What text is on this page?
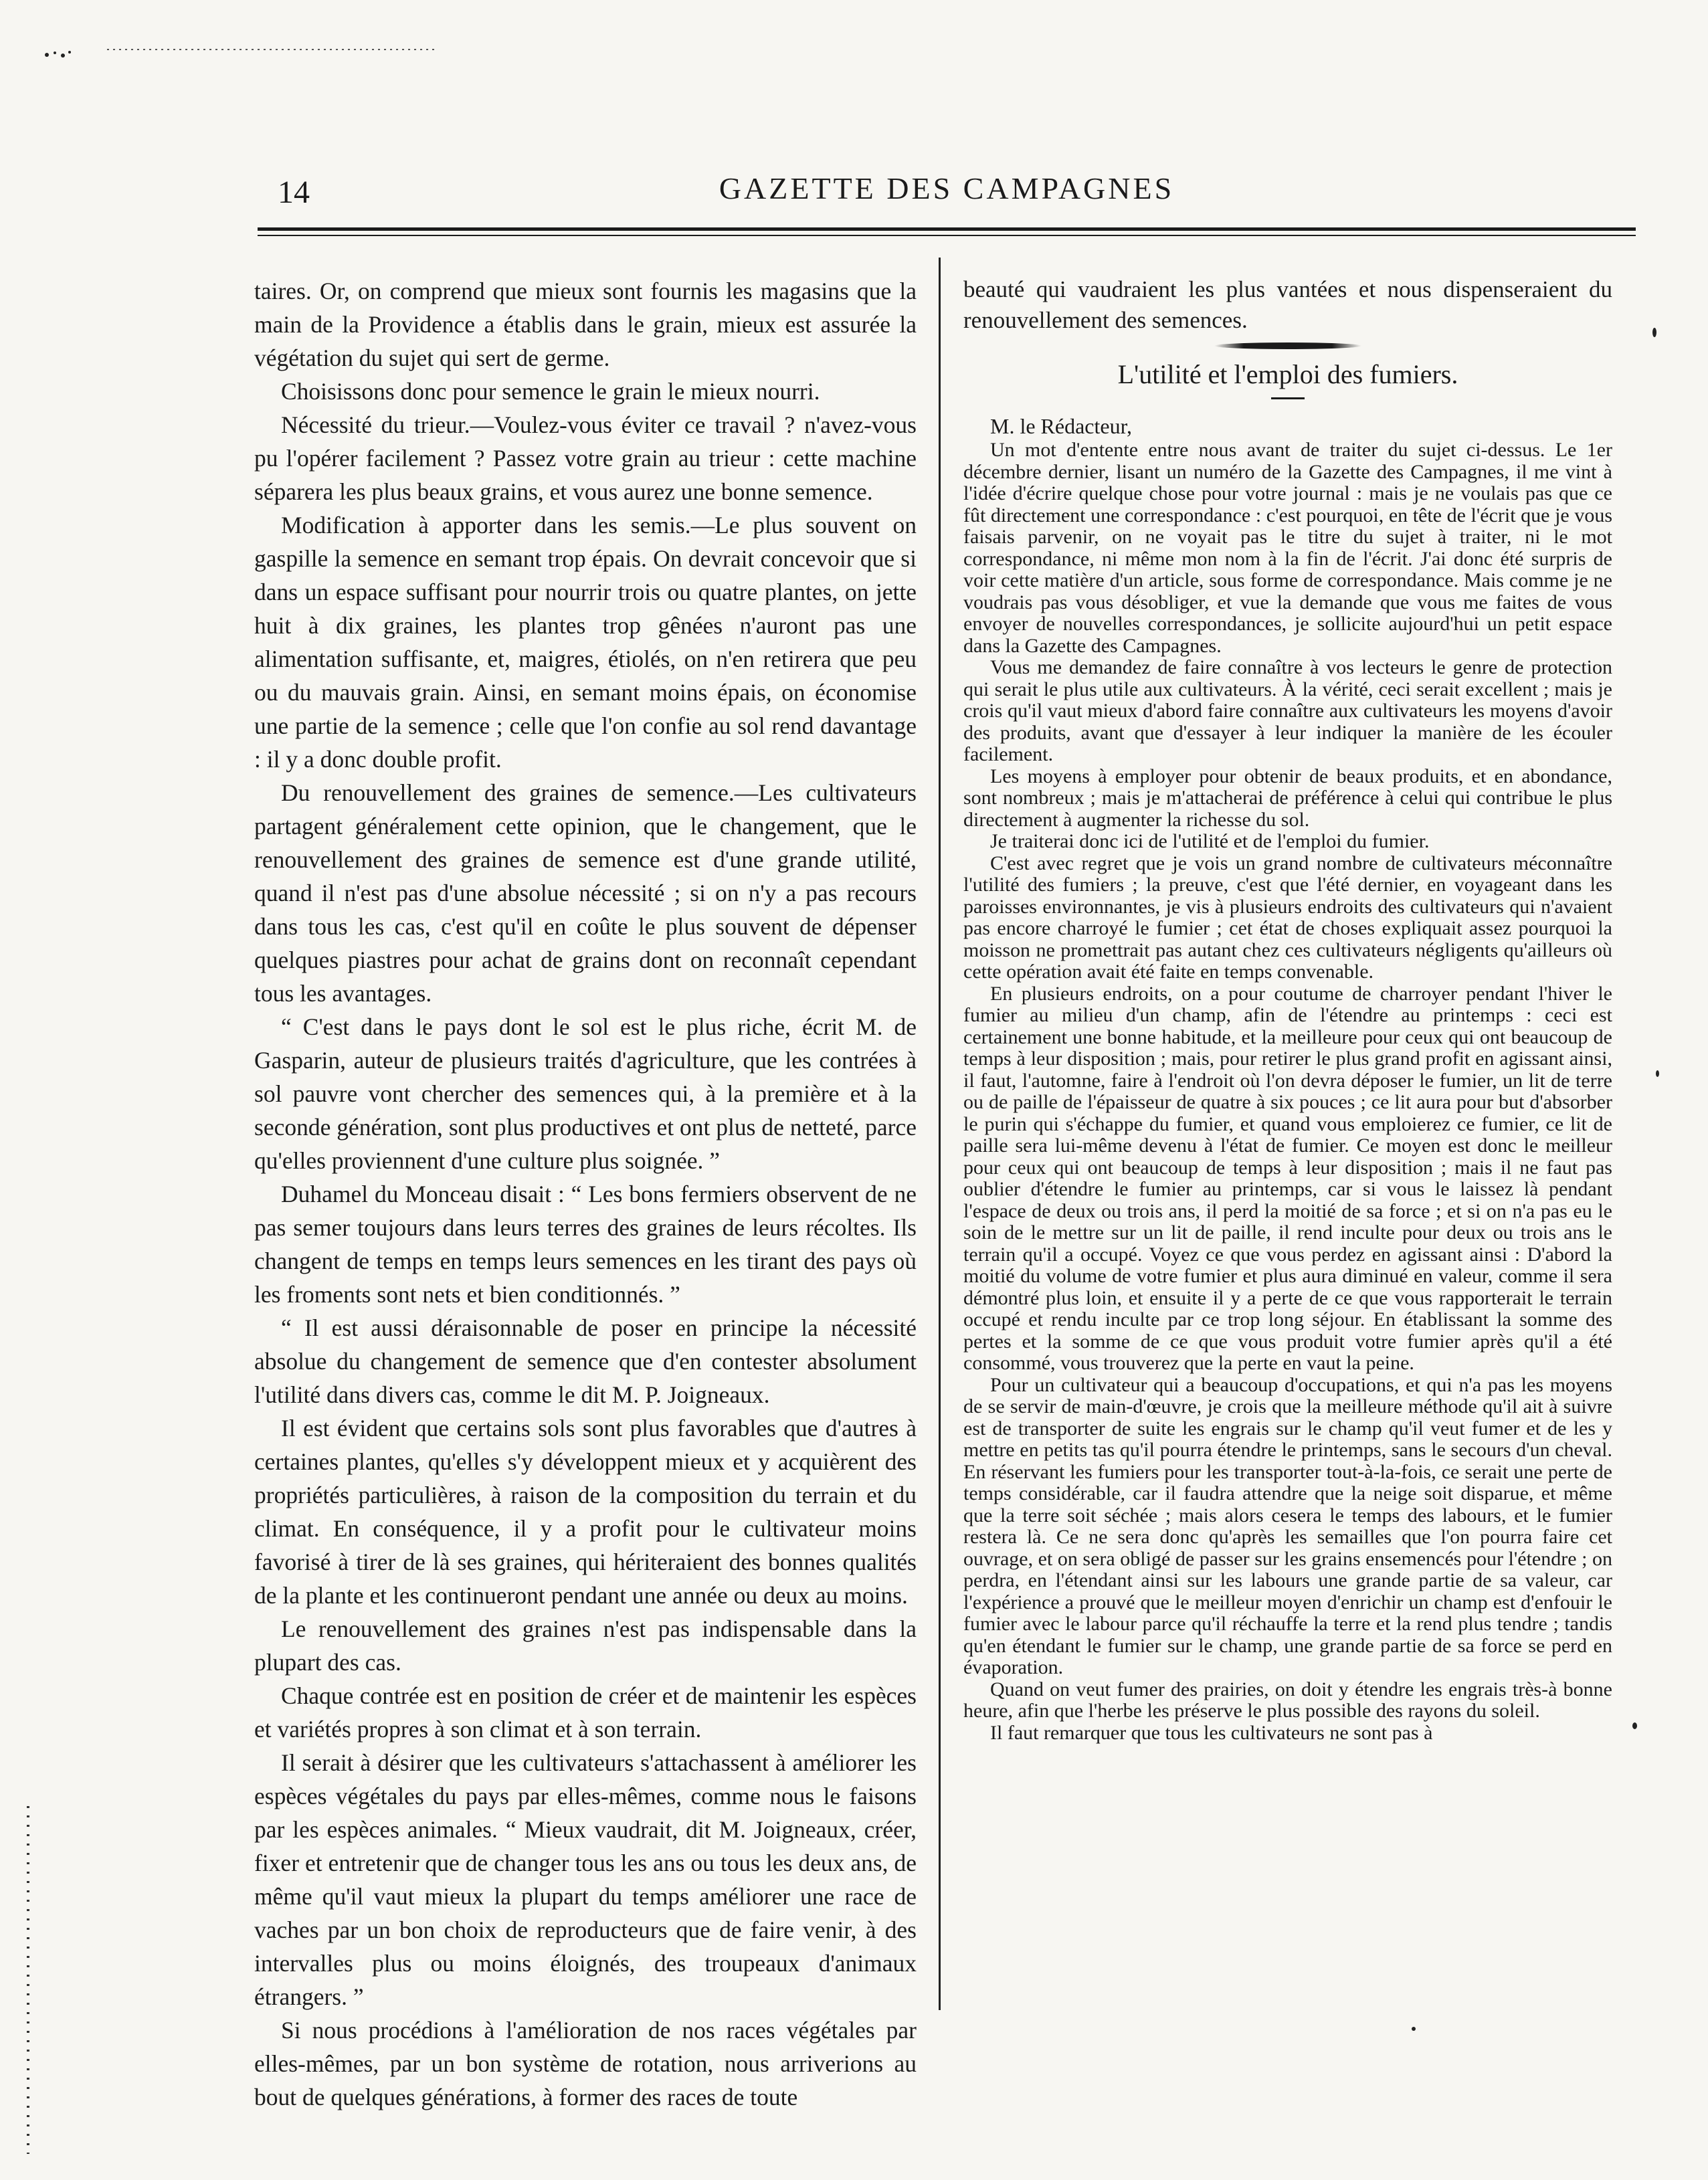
14	GAZETTE DES CAMPAGNES

taires. Or, on comprend que mieux sont fournis les magasins que la main de la Providence a établis dans le grain, mieux est assurée la végétation du sujet qui sert de germe.

Choisissons donc pour semence le grain le mieux nourri.

Nécessité du trieur.—Voulez-vous éviter ce travail ? n'avez-vous pu l'opérer facilement ? Passez votre grain au trieur : cette machine séparera les plus beaux grains, et vous aurez une bonne semence.

Modification à apporter dans les semis.—Le plus souvent on gaspille la semence en semant trop épais. On devrait concevoir que si dans un espace suffisant pour nourrir trois ou quatre plantes, on jette huit à dix graines, les plantes trop gênées n'auront pas une alimentation suffisante, et, maigres, étiolés, on n'en retirera que peu ou du mauvais grain. Ainsi, en semant moins épais, on économise une partie de la semence ; celle que l'on confie au sol rend davantage : il y a donc double profit.

Du renouvellement des graines de semence.—Les cultivateurs partagent généralement cette opinion, que le changement, que le renouvellement des graines de semence est d'une grande utilité, quand il n'est pas d'une absolue nécessité ; si on n'y a pas recours dans tous les cas, c'est qu'il en coûte le plus souvent de dépenser quelques piastres pour achat de grains dont on reconnaît cependant tous les avantages.

“ C'est dans le pays dont le sol est le plus riche, écrit M. de Gasparin, auteur de plusieurs traités d'agriculture, que les contrées à sol pauvre vont chercher des semences qui, à la première et à la seconde génération, sont plus productives et ont plus de netteté, parce qu'elles proviennent d'une culture plus soignée. ”

Duhamel du Monceau disait : “ Les bons fermiers observent de ne pas semer toujours dans leurs terres des graines de leurs récoltes. Ils changent de temps en temps leurs semences en les tirant des pays où les froments sont nets et bien conditionnés. ”

“ Il est aussi déraisonnable de poser en principe la nécessité absolue du changement de semence que d'en contester absolument l'utilité dans divers cas, comme le dit M. P. Joigneaux.

Il est évident que certains sols sont plus favorables que d'autres à certaines plantes, qu'elles s'y développent mieux et y acquièrent des propriétés particulières, à raison de la composition du terrain et du climat. En conséquence, il y a profit pour le cultivateur moins favorisé à tirer de là ses graines, qui hériteraient des bonnes qualités de la plante et les continueront pendant une année ou deux au moins.

Le renouvellement des graines n'est pas indispensable dans la plupart des cas.

Chaque contrée est en position de créer et de maintenir les espèces et variétés propres à son climat et à son terrain.

Il serait à désirer que les cultivateurs s'attachassent à améliorer les espèces végétales du pays par elles-mêmes, comme nous le faisons par les espèces animales. “ Mieux vaudrait, dit M. Joigneaux, créer, fixer et entretenir que de changer tous les ans ou tous les deux ans, de même qu'il vaut mieux la plupart du temps améliorer une race de vaches par un bon choix de reproducteurs que de faire venir, à des intervalles plus ou moins éloignés, des troupeaux d'animaux étrangers. ”

Si nous procédions à l'amélioration de nos races végétales par elles-mêmes, par un bon système de rotation, nous arriverions au bout de quelques générations, à former des races de toute

beauté qui vaudraient les plus vantées et nous dispenseraient du renouvellement des semences.

L'utilité et l'emploi des fumiers.

M. le Rédacteur,

Un mot d'entente entre nous avant de traiter du sujet ci-dessus. Le 1er décembre dernier, lisant un numéro de la Gazette des Campagnes, il me vint à l'idée d'écrire quelque chose pour votre journal : mais je ne voulais pas que ce fût directement une correspondance : c'est pourquoi, en tête de l'écrit que je vous faisais parvenir, on ne voyait pas le titre du sujet à traiter, ni le mot correspondance, ni même mon nom à la fin de l'écrit. J'ai donc été surpris de voir cette matière d'un article, sous forme de correspondance. Mais comme je ne voudrais pas vous désobliger, et vue la demande que vous me faites de vous envoyer de nouvelles correspondances, je sollicite aujourd'hui un petit espace dans la Gazette des Campagnes.

Vous me demandez de faire connaître à vos lecteurs le genre de protection qui serait le plus utile aux cultivateurs. À la vérité, ceci serait excellent ; mais je crois qu'il vaut mieux d'abord faire connaître aux cultivateurs les moyens d'avoir des produits, avant que d'essayer à leur indiquer la manière de les écouler facilement.

Les moyens à employer pour obtenir de beaux produits, et en abondance, sont nombreux ; mais je m'attacherai de préférence à celui qui contribue le plus directement à augmenter la richesse du sol.

Je traiterai donc ici de l'utilité et de l'emploi du fumier.

C'est avec regret que je vois un grand nombre de cultivateurs méconnaître l'utilité des fumiers ; la preuve, c'est que l'été dernier, en voyageant dans les paroisses environnantes, je vis à plusieurs endroits des cultivateurs qui n'avaient pas encore charroyé le fumier ; cet état de choses expliquait assez pourquoi la moisson ne promettrait pas autant chez ces cultivateurs négligents qu'ailleurs où cette opération avait été faite en temps convenable.

En plusieurs endroits, on a pour coutume de charroyer pendant l'hiver le fumier au milieu d'un champ, afin de l'étendre au printemps : ceci est certainement une bonne habitude, et la meilleure pour ceux qui ont beaucoup de temps à leur disposition ; mais, pour retirer le plus grand profit en agissant ainsi, il faut, l'automne, faire à l'endroit où l'on devra déposer le fumier, un lit de terre ou de paille de l'épaisseur de quatre à six pouces ; ce lit aura pour but d'absorber le purin qui s'échappe du fumier, et quand vous emploierez ce fumier, ce lit de paille sera lui-même devenu à l'état de fumier. Ce moyen est donc le meilleur pour ceux qui ont beaucoup de temps à leur disposition ; mais il ne faut pas oublier d'étendre le fumier au printemps, car si vous le laissez là pendant l'espace de deux ou trois ans, il perd la moitié de sa force ; et si on n'a pas eu le soin de le mettre sur un lit de paille, il rend inculte pour deux ou trois ans le terrain qu'il a occupé. Voyez ce que vous perdez en agissant ainsi : D'abord la moitié du volume de votre fumier et plus aura diminué en valeur, comme il sera démontré plus loin, et ensuite il y a perte de ce que vous rapporterait le terrain occupé et rendu inculte par ce trop long séjour. En établissant la somme des pertes et la somme de ce que vous produit votre fumier après qu'il a été consommé, vous trouverez que la perte en vaut la peine.

Pour un cultivateur qui a beaucoup d'occupations, et qui n'a pas les moyens de se servir de main-d'œuvre, je crois que la meilleure méthode qu'il ait à suivre est de transporter de suite les engrais sur le champ qu'il veut fumer et de les y mettre en petits tas qu'il pourra étendre le printemps, sans le secours d'un cheval. En réservant les fumiers pour les transporter tout-à-la-fois, ce serait une perte de temps considérable, car il faudra attendre que la neige soit disparue, et même que la terre soit séchée ; mais alors cesera le temps des labours, et le fumier restera là. Ce ne sera donc qu'après les semailles que l'on pourra faire cet ouvrage, et on sera obligé de passer sur les grains ensemencés pour l'étendre ; on perdra, en l'étendant ainsi sur les labours une grande partie de sa valeur, car l'expérience a prouvé que le meilleur moyen d'enrichir un champ est d'enfouir le fumier avec le labour parce qu'il réchauffe la terre et la rend plus tendre ; tandis qu'en étendant le fumier sur le champ, une grande partie de sa force se perd en évaporation.

Quand on veut fumer des prairies, on doit y étendre les engrais très-à bonne heure, afin que l'herbe les préserve le plus possible des rayons du soleil.

Il faut remarquer que tous les cultivateurs ne sont pas à
